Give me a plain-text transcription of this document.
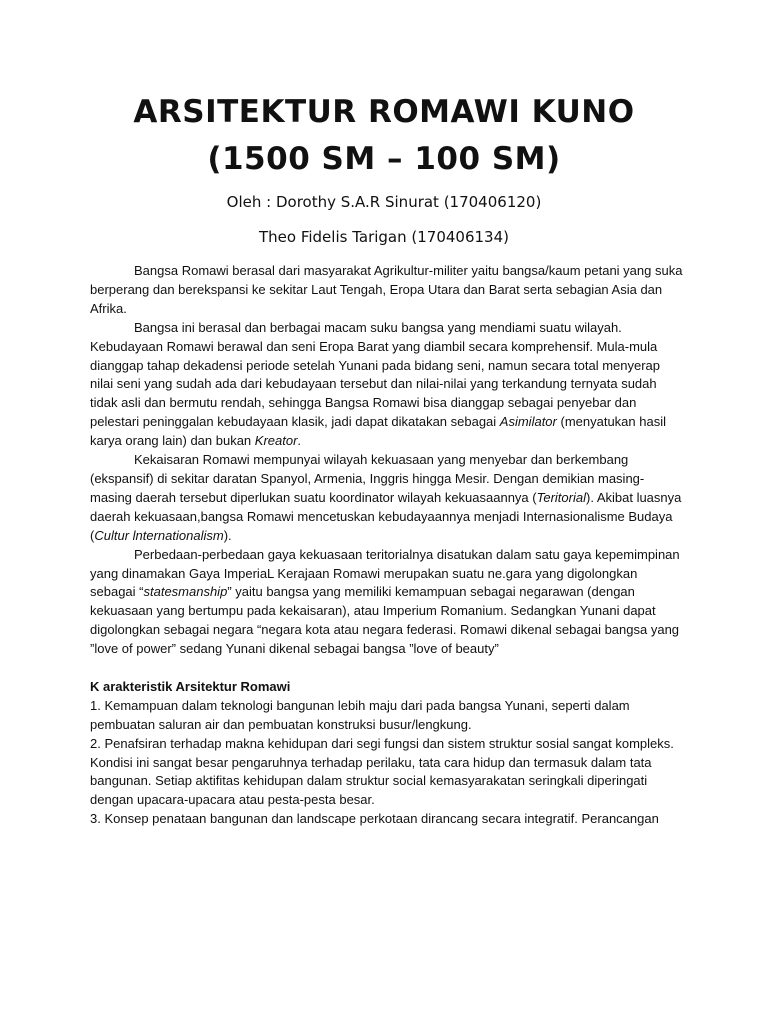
ARSITEKTUR ROMAWI KUNO
(1500 SM – 100 SM)

Oleh : Dorothy S.A.R Sinurat (170406120)

Theo Fidelis Tarigan (170406134)

Bangsa Romawi berasal dari masyarakat Agrikultur-militer yaitu bangsa/kaum petani yang suka berperang dan berekspansi ke sekitar Laut Tengah, Eropa Utara dan Barat serta sebagian Asia dan Afrika.

Bangsa ini berasal dan berbagai macam suku bangsa yang mendiami suatu wilayah. Kebudayaan Romawi berawal dan seni Eropa Barat yang diambil secara komprehensif. Mula-mula dianggap tahap dekadensi periode setelah Yunani pada bidang seni, namun secara total menyerap nilai seni yang sudah ada dari kebudayaan tersebut dan nilai-nilai yang terkandung ternyata sudah tidak asli dan bermutu rendah, sehingga Bangsa Romawi bisa dianggap sebagai penyebar dan pelestari peninggalan kebudayaan klasik, jadi dapat dikatakan sebagai Asimilator (menyatukan hasil karya orang lain) dan bukan Kreator.

Kekaisaran Romawi mempunyai wilayah kekuasaan yang menyebar dan berkembang (ekspansif) di sekitar daratan Spanyol, Armenia, Inggris hingga Mesir. Dengan demikian masing-masing daerah tersebut diperlukan suatu koordinator wilayah kekuasaannya (Teritorial). Akibat luasnya daerah kekuasaan,bangsa Romawi mencetuskan kebudayaannya menjadi Internasionalisme Budaya (Cultur lnternationalism).

Perbedaan-perbedaan gaya kekuasaan teritorialnya disatukan dalam satu gaya kepemimpinan yang dinamakan Gaya ImperiaL Kerajaan Romawi merupakan suatu ne.gara yang digolongkan sebagai “statesmanship” yaitu bangsa yang memiliki kemampuan sebagai negarawan (dengan kekuasaan yang bertumpu pada kekaisaran), atau Imperium Romanium. Sedangkan Yunani dapat digolongkan sebagai negara “negara kota atau negara federasi. Romawi dikenal sebagai bangsa yang ”love of power” sedang Yunani dikenal sebagai bangsa ”love of beauty”

K arakteristik Arsitektur Romawi

1. Kemampuan dalam teknologi bangunan lebih maju dari pada bangsa Yunani, seperti dalam pembuatan saluran air dan pembuatan konstruksi busur/lengkung.

2. Penafsiran terhadap makna kehidupan dari segi fungsi dan sistem struktur sosial sangat kompleks.

Kondisi ini sangat besar pengaruhnya terhadap perilaku, tata cara hidup dan termasuk dalam tata

bangunan. Setiap aktifitas kehidupan dalam struktur social kemasyarakatan seringkali diperingati

dengan upacara-upacara atau pesta-pesta besar.

3. Konsep penataan bangunan dan landscape perkotaan dirancang secara integratif. Perancangan
